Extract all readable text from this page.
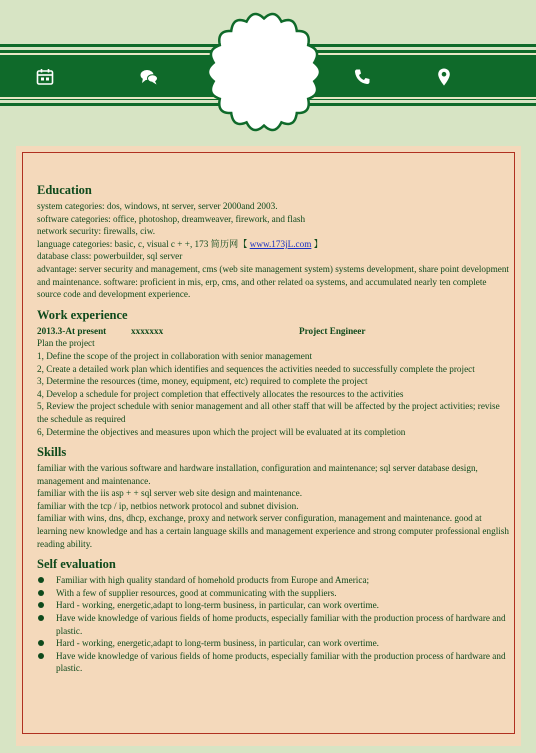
Education

system categories: dos, windows, nt server, server 2000and 2003.

software categories: office, photoshop, dreamweaver, firework, and flash

network security: firewalls, ciw.

language categories: basic, c, visual c + +, 173 简历网【 www.173jL.com 】

database class: powerbuilder, sql server

advantage: server security and management, cms (web site management system) systems development, share point development and maintenance. software: proficient in mis, erp, cms, and other related oa systems, and accumulated nearly ten complete source code and development experience.

Work experience
2013.3-At present	xxxxxxx	Project Engineer

Plan the project

1, Define the scope of the project in collaboration with senior management

2, Create a detailed work plan which identifies and sequences the activities needed to successfully complete the project

3, Determine the resources (time, money, equipment, etc) required to complete the project

4, Develop a schedule for project completion that effectively allocates the resources to the activities

5, Review the project schedule with senior management and all other staff that will be affected by the project activities; revise the schedule as required

6, Determine the objectives and measures upon which the project will be evaluated at its completion

Skills

familiar with the various software and hardware installation, configuration and maintenance; sql server database design, management and maintenance.

familiar with the iis asp + + sql server web site design and maintenance.

familiar with the tcp / ip, netbios network protocol and subnet division.

familiar with wins, dns, dhcp, exchange, proxy and network server configuration, management and maintenance. good at learning new knowledge and has a certain language skills and management experience and strong computer professional english reading ability.

Self evaluation
Familiar with high quality standard of homehold products from Europe and America;
With a few of supplier resources, good at communicating with the suppliers.
Hard - working, energetic,adapt to long-term business, in particular, can work overtime.
Have wide knowledge of various fields of home products, especially familiar with the production process of hardware and plastic.
Hard - working, energetic,adapt to long-term business, in particular, can work overtime.
Have wide knowledge of various fields of home products, especially familiar with the production process of hardware and plastic.
